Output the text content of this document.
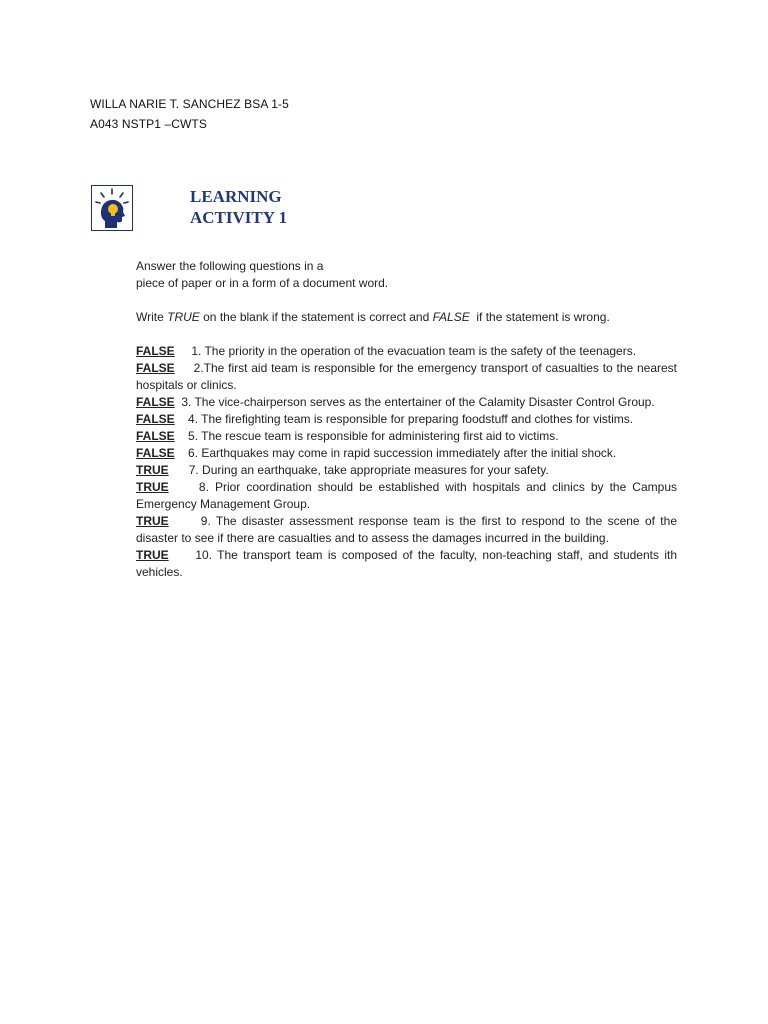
WILLA NARIE T. SANCHEZ BSA 1-5
A043 NSTP1 –CWTS
LEARNING
ACTIVITY 1

Answer the following questions in a

piece of paper or in a form of a document word.

Write TRUE on the blank if the statement is correct and FALSE  if the statement is wrong.

FALSE 1. The priority in the operation of the evacuation team is the safety of the teenagers.

FALSE 2.The first aid team is responsible for the emergency transport of casualties to the nearest hospitals or clinics.

FALSE 3. The vice-chairperson serves as the entertainer of the Calamity Disaster Control Group.

FALSE 4. The firefighting team is responsible for preparing foodstuff and clothes for vistims.

FALSE 5. The rescue team is responsible for administering first aid to victims.

FALSE 6. Earthquakes may come in rapid succession immediately after the initial shock.

TRUE 7. During an earthquake, take appropriate measures for your safety.

TRUE	8. Prior coordination should be established with hospitals and clinics by the Campus Emergency Management Group.

TRUE	9. The disaster assessment response team is the first to respond to the scene of the disaster to see if there are casualties and to assess the damages incurred in the building.

TRUE 10. The transport team is composed of the faculty, non-teaching staff, and students ith vehicles.
